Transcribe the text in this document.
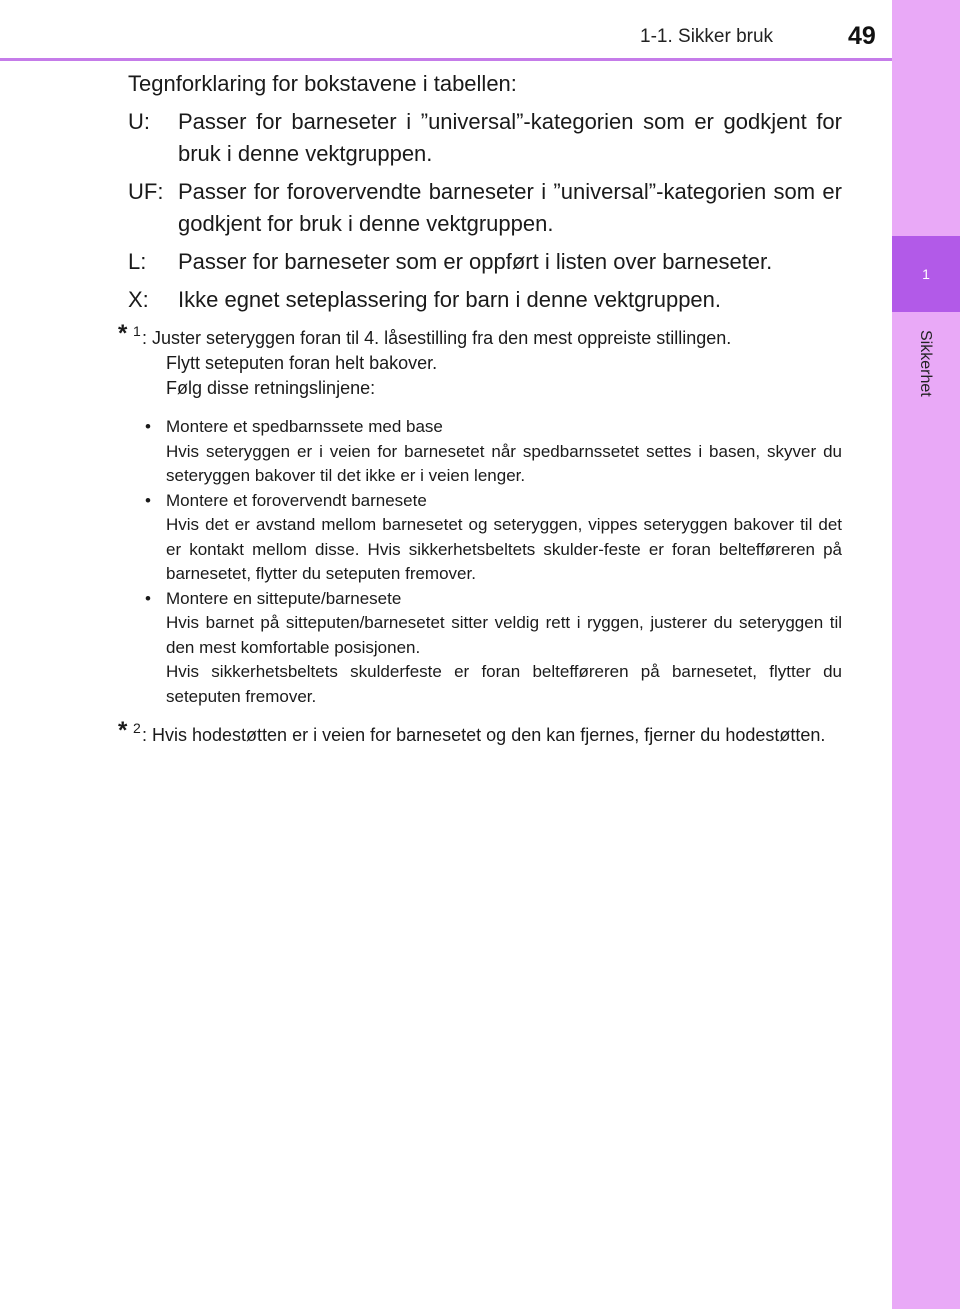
1
Sikkerhet
1-1. Sikker bruk	49

Tegnforklaring for bokstavene i tabellen:

U:	Passer for barneseter i ”universal”-kategorien som er godkjent for bruk i denne vektgruppen.
UF: Passer for forovervendte barneseter i ”universal”-kategorien som er godkjent for bruk i denne vektgruppen.
L:	Passer for barneseter som er oppført i listen over barneseter.
X:	Ikke egnet seteplassering for barn i denne vektgruppen.
* 1 : Juster seteryggen foran til 4. låsestilling fra den mest oppreiste stillingen.
Flytt seteputen foran helt bakover.
Følg disse retningslinjene:
• Montere et spedbarnssete med base
Hvis seteryggen er i veien for barnesetet når spedbarnssetet settes i basen, skyver du seteryggen bakover til det ikke er i veien lenger.
• Montere et forovervendt barnesete
Hvis det er avstand mellom barnesetet og seteryggen, vippes seteryggen bakover til det er kontakt mellom disse. Hvis sikkerhetsbeltets skulder-feste er foran beltefføreren på barnesetet, flytter du seteputen fremover.
• Montere en sittepute/barnesete
Hvis barnet på sitteputen/barnesetet sitter veldig rett i ryggen, justerer du seteryggen til den mest komfortable posisjonen.
Hvis sikkerhetsbeltets skulderfeste er foran beltefføreren på barnesetet, flytter du seteputen fremover.
* 2 : Hvis hodestøtten er i veien for barnesetet og den kan fjernes, fjerner du hodestøtten.
